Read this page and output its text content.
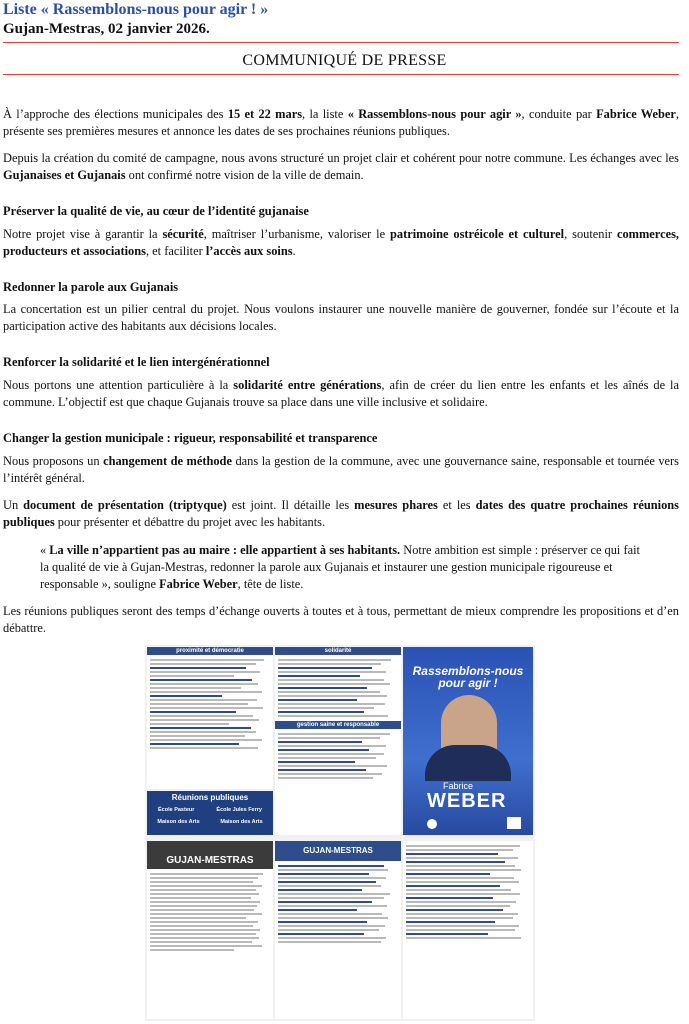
Liste « Rassemblons-nous pour agir ! »
Gujan-Mestras, 02 janvier 2026.
COMMUNIQUÉ DE PRESSE

À l’approche des élections municipales des 15 et 22 mars, la liste « Rassemblons-nous pour agir », conduite par Fabrice Weber, présente ses premières mesures et annonce les dates de ses prochaines réunions publiques.

Depuis la création du comité de campagne, nous avons structuré un projet clair et cohérent pour notre commune. Les échanges avec les Gujanaises et Gujanais ont confirmé notre vision de la ville de demain.

Préserver la qualité de vie, au cœur de l’identité gujanaise

Notre projet vise à garantir la sécurité, maîtriser l’urbanisme, valoriser le patrimoine ostréicole et culturel, soutenir commerces, producteurs et associations, et faciliter l’accès aux soins.

Redonner la parole aux Gujanais

La concertation est un pilier central du projet. Nous voulons instaurer une nouvelle manière de gouverner, fondée sur l’écoute et la participation active des habitants aux décisions locales.

Renforcer la solidarité et le lien intergénérationnel

Nous portons une attention particulière à la solidarité entre générations, afin de créer du lien entre les enfants et les aînés de la commune. L’objectif est que chaque Gujanais trouve sa place dans une ville inclusive et solidaire.

Changer la gestion municipale : rigueur, responsabilité et transparence

Nous proposons un changement de méthode dans la gestion de la commune, avec une gouvernance saine, responsable et tournée vers l’intérêt général.

Un document de présentation (triptyque) est joint. Il détaille les mesures phares et les dates des quatre prochaines réunions publiques pour présenter et débattre du projet avec les habitants.

« La ville n’appartient pas au maire : elle appartient à ses habitants. Notre ambition est simple : préserver ce qui fait la qualité de vie à Gujan-Mestras, redonner la parole aux Gujanais et instaurer une gestion municipale rigoureuse et responsable », souligne Fabrice Weber, tête de liste.

Les réunions publiques seront des temps d’échange ouverts à toutes et à tous, permettant de mieux comprendre les propositions et d’en débattre.

proximité et démocratie
Réunions publiques
École Pasteur	École Jules Ferry
Maison des Arts	Maison des Arts
solidarité
gestion saine et responsable
Rassemblons-nous pour agir !
Fabrice
WEBER
GUJAN-MESTRAS
GUJAN-MESTRAS
